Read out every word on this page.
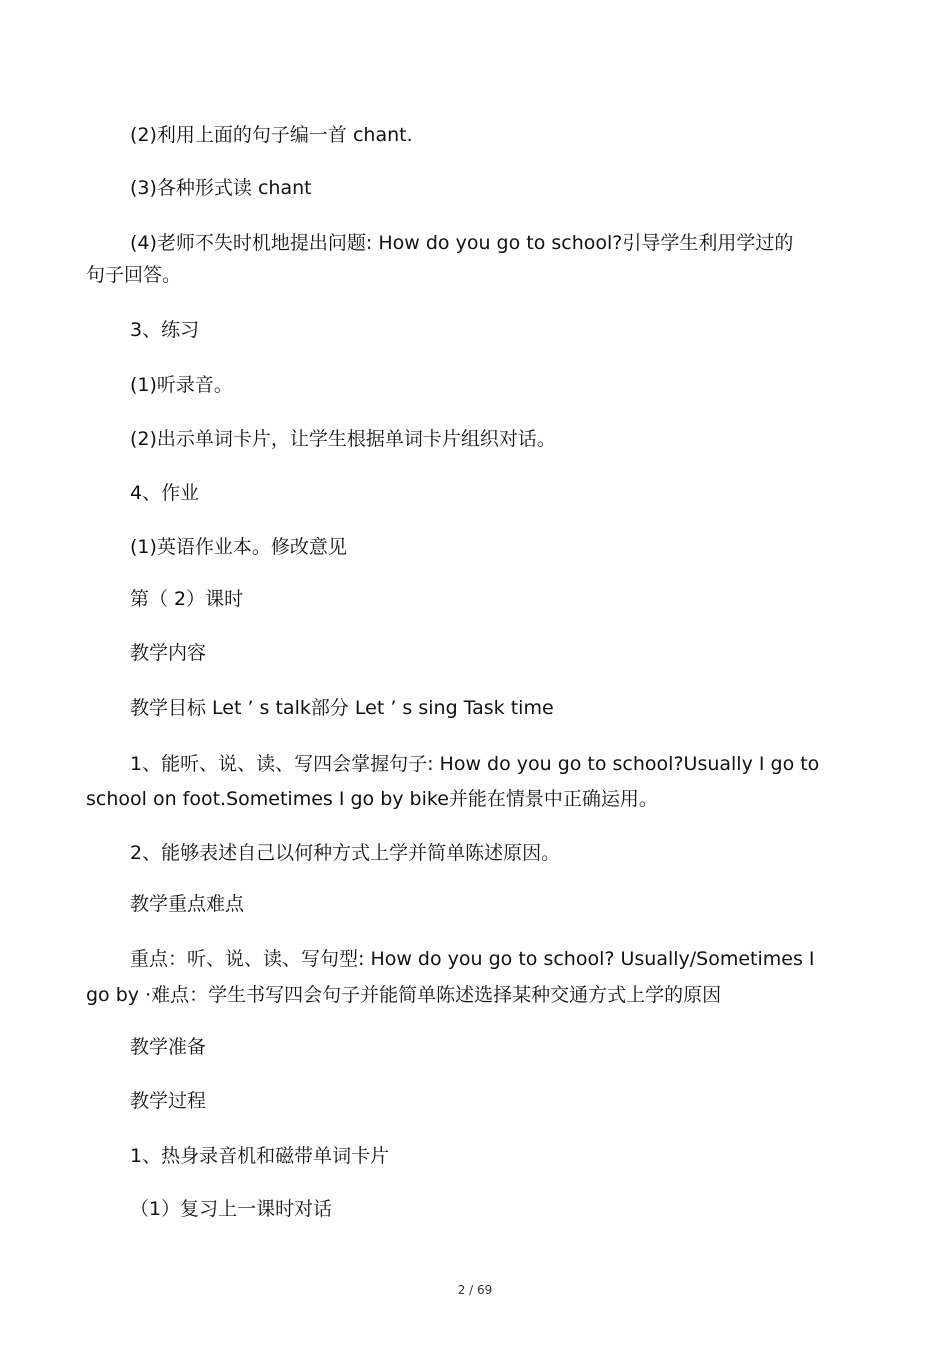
(2)利用上面的句子编一首 chant.

(3)各种形式读 chant

(4)老师不失时机地提出问题: How do you go to school?引导学生利用学过的

句子回答。

3、练习

(1)听录音。

(2)出示单词卡片，让学生根据单词卡片组织对话。

4、作业

(1)英语作业本。修改意见

第（ 2）课时

教学内容

教学目标 Let ’ s talk部分 Let ’ s sing Task time

1、能听、说、读、写四会掌握句子: How do you go to school?Usually I go to

school on foot.Sometimes I go by bike并能在情景中正确运用。

2、能够表述自己以何种方式上学并简单陈述原因。

教学重点难点

重点：听、说、读、写句型: How do you go to school? Usually/Sometimes I

go by ·难点：学生书写四会句子并能简单陈述选择某种交通方式上学的原因

教学准备

教学过程

1、热身录音机和磁带单词卡片

（1）复习上一课时对话

2 / 69
